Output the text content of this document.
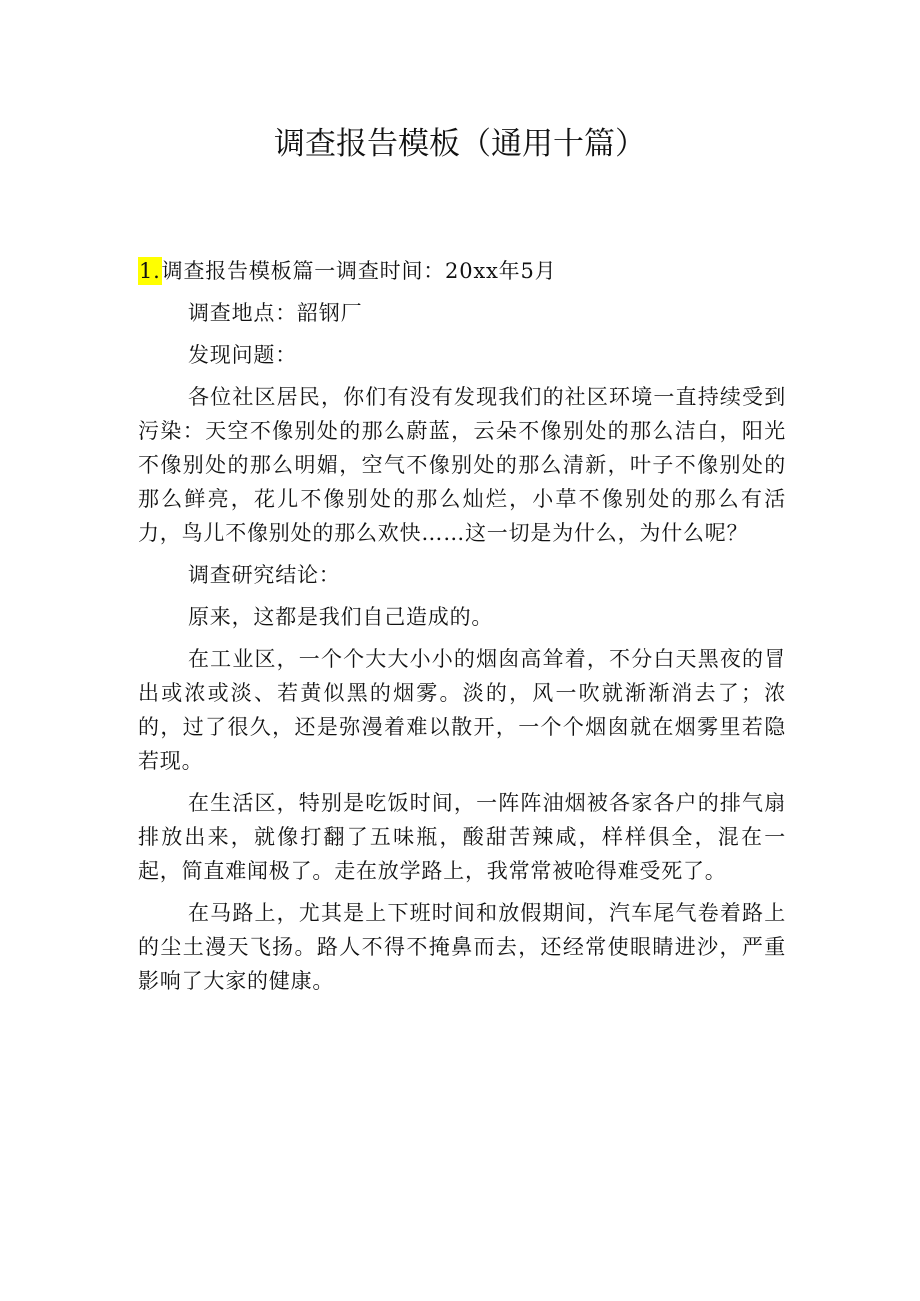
调查报告模板（通用十篇）

1.调查报告模板篇一调查时间：20xx年5月

调查地点：韶钢厂

发现问题：

各位社区居民，你们有没有发现我们的社区环境一直持续受到污染：天空不像别处的那么蔚蓝，云朵不像别处的那么洁白，阳光不像别处的那么明媚，空气不像别处的那么清新，叶子不像别处的那么鲜亮，花儿不像别处的那么灿烂，小草不像别处的那么有活力，鸟儿不像别处的那么欢快……这一切是为什么，为什么呢？

调查研究结论：

原来，这都是我们自己造成的。

在工业区，一个个大大小小的烟囱高耸着，不分白天黑夜的冒出或浓或淡、若黄似黑的烟雾。淡的，风一吹就渐渐消去了；浓的，过了很久，还是弥漫着难以散开，一个个烟囱就在烟雾里若隐若现。

在生活区，特别是吃饭时间，一阵阵油烟被各家各户的排气扇排放出来，就像打翻了五味瓶，酸甜苦辣咸，样样俱全，混在一起，简直难闻极了。走在放学路上，我常常被呛得难受死了。

在马路上，尤其是上下班时间和放假期间，汽车尾气卷着路上的尘土漫天飞扬。路人不得不掩鼻而去，还经常使眼睛进沙，严重影响了大家的健康。
